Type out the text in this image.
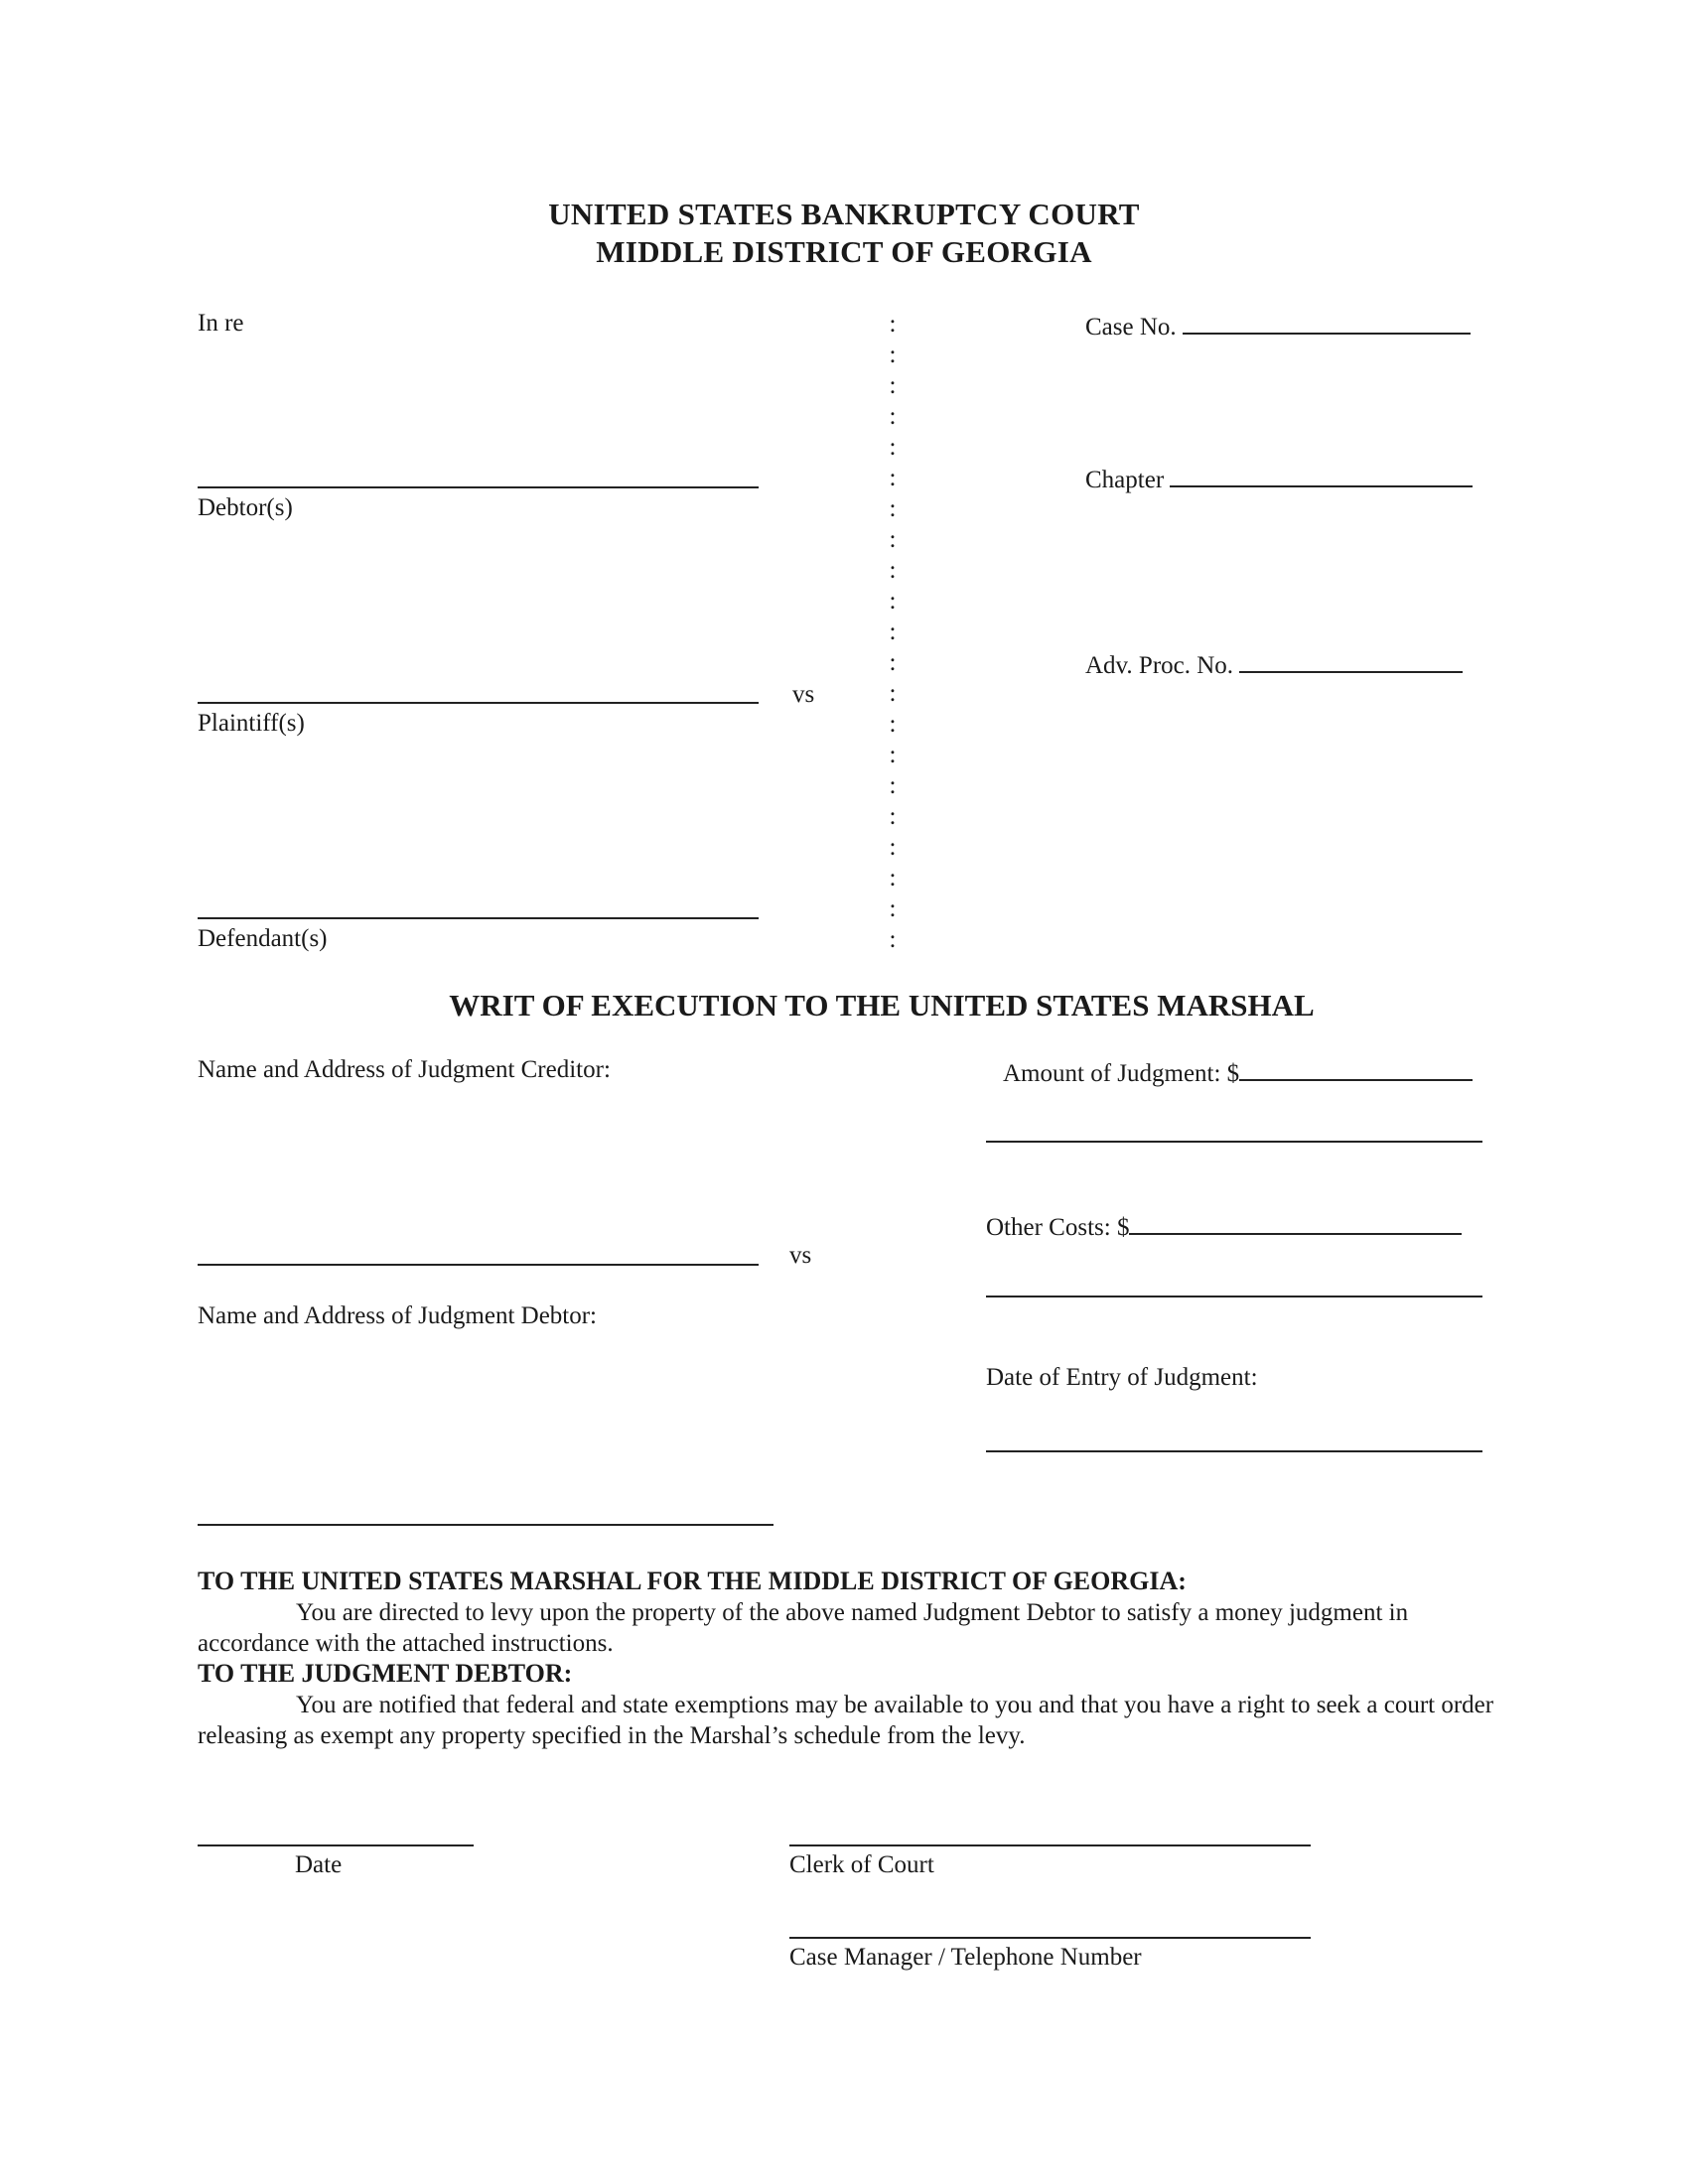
UNITED STATES BANKRUPTCY COURT
MIDDLE DISTRICT OF GEORGIA
In re
Debtor(s)
vs
Plaintiff(s)
Defendant(s)
:
:
:
:
:
:
:
:
:
:
:
:
:
:
:
:
:
:
:
:
:
Case No.
Chapter
Adv. Proc. No.
WRIT OF EXECUTION TO THE UNITED STATES MARSHAL
Name and Address of Judgment Creditor:
vs
Name and Address of Judgment Debtor:
Amount of Judgment: $
Other Costs: $
Date of Entry of Judgment:
TO THE UNITED STATES MARSHAL FOR THE MIDDLE DISTRICT OF GEORGIA:
You are directed to levy upon the property of the above named Judgment Debtor to satisfy a money judgment in accordance with the attached instructions.
TO THE JUDGMENT DEBTOR:
You are notified that federal and state exemptions may be available to you and that you have a right to seek a court order releasing as exempt any property specified in the Marshal’s schedule from the levy.
Date	Clerk of Court
Case Manager / Telephone Number
